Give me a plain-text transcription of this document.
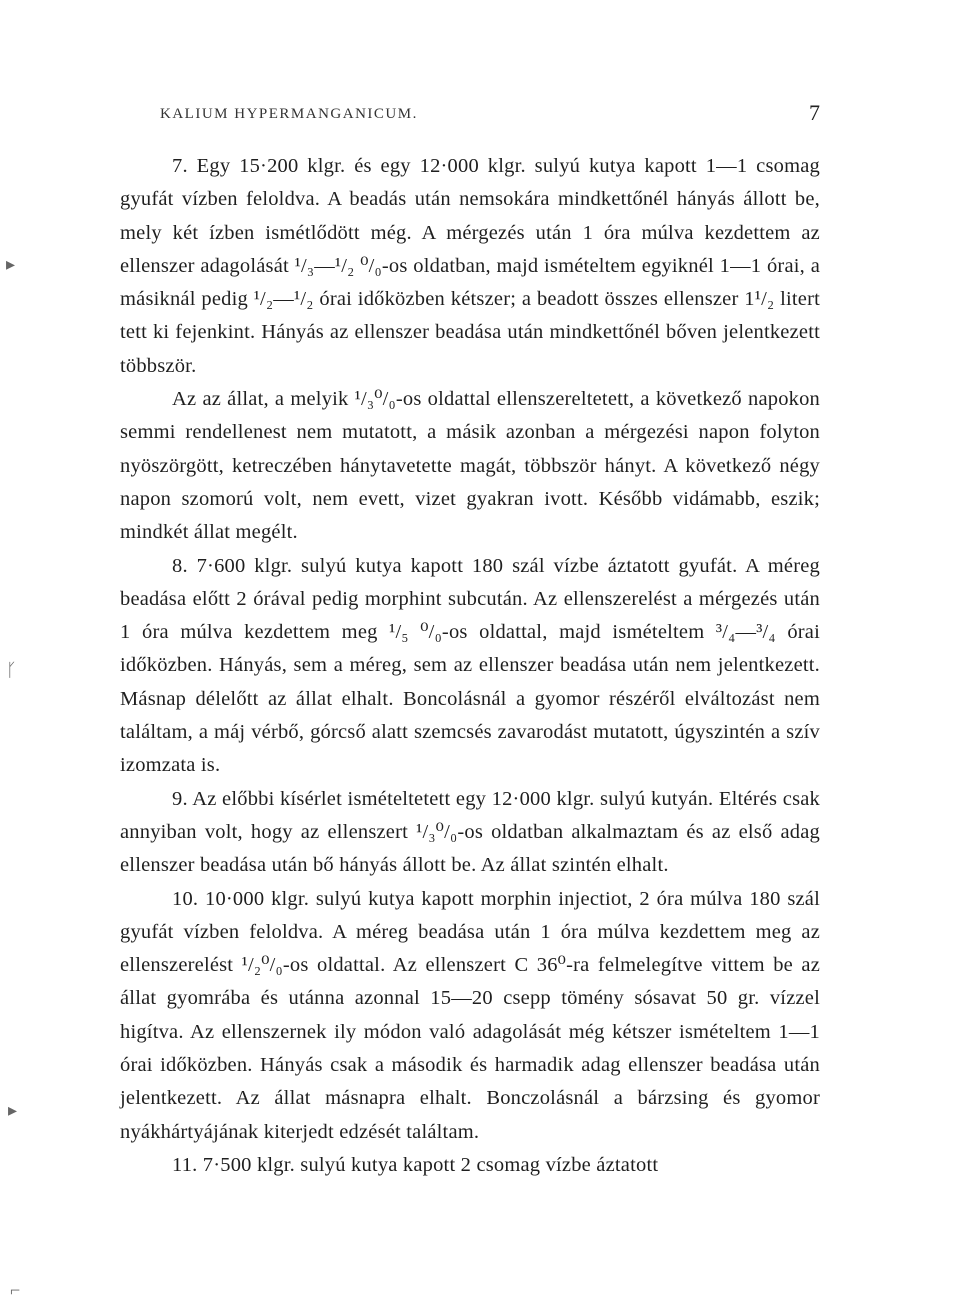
KALIUM HYPERMANGANICUM.	7

7. Egy 15·200 klgr. és egy 12·000 klgr. sulyú kutya kapott 1—1 csomag gyufát vízben feloldva. A beadás után nemsokára mindkettőnél hányás állott be, mely két ízben ismétlődött még. A mérgezés után 1 óra múlva kezdettem az ellenszer adagolását ¹/₃—¹/₂ ⁰/₀-os oldatban, majd ismételtem egyiknél 1—1 órai, a másiknál pedig ¹/₂—¹/₂ órai időközben kétszer; a beadott összes ellenszer 1¹/₂ litert tett ki fejenkint. Hányás az ellenszer beadása után mindkettőnél bőven jelentkezett többször.

Az az állat, a melyik ¹/₃⁰/₀-os oldattal ellenszereltetett, a következő napokon semmi rendellenest nem mutatott, a másik azonban a mérgezési napon folyton nyöszörgött, ketreczében hánytavetette magát, többször hányt. A következő négy napon szomorú volt, nem evett, vizet gyakran ivott. Később vidámabb, eszik; mindkét állat megélt.

8. 7·600 klgr. sulyú kutya kapott 180 szál vízbe áztatott gyufát. A méreg beadása előtt 2 órával pedig morphint subcután. Az ellenszerelést a mérgezés után 1 óra múlva kezdettem meg ¹/₅ ⁰/₀-os oldattal, majd ismételtem ³/₄—³/₄ órai időközben. Hányás, sem a méreg, sem az ellenszer beadása után nem jelentkezett. Másnap délelőtt az állat elhalt. Boncolásnál a gyomor részéről elváltozást nem találtam, a máj vérbő, górcső alatt szemcsés zavarodást mutatott, úgyszintén a szív izomzata is.

9. Az előbbi kísérlet ismételtetett egy 12·000 klgr. sulyú kutyán. Eltérés csak annyiban volt, hogy az ellenszert ¹/₃⁰/₀-os oldatban alkalmaztam és az első adag ellenszer beadása után bő hányás állott be. Az állat szintén elhalt.

10. 10·000 klgr. sulyú kutya kapott morphin injectiot, 2 óra múlva 180 szál gyufát vízben feloldva. A méreg beadása után 1 óra múlva kezdettem meg az ellenszerelést ¹/₂⁰/₀-os oldattal. Az ellenszert C 36⁰-ra felmelegítve vittem be az állat gyomrába és utánna azonnal 15—20 csepp tömény sósavat 50 gr. vízzel higítva. Az ellenszernek ily módon való adagolását még kétszer ismételtem 1—1 órai időközben. Hányás csak a második és harmadik adag ellenszer beadása után jelentkezett. Az állat másnapra elhalt. Bonczolásnál a bárzsing és gyomor nyákhártyájának kiterjedt edzését találtam.

11. 7·500 klgr. sulyú kutya kapott 2 csomag vízbe áztatott

▸
ᚴ
▸
⌐
